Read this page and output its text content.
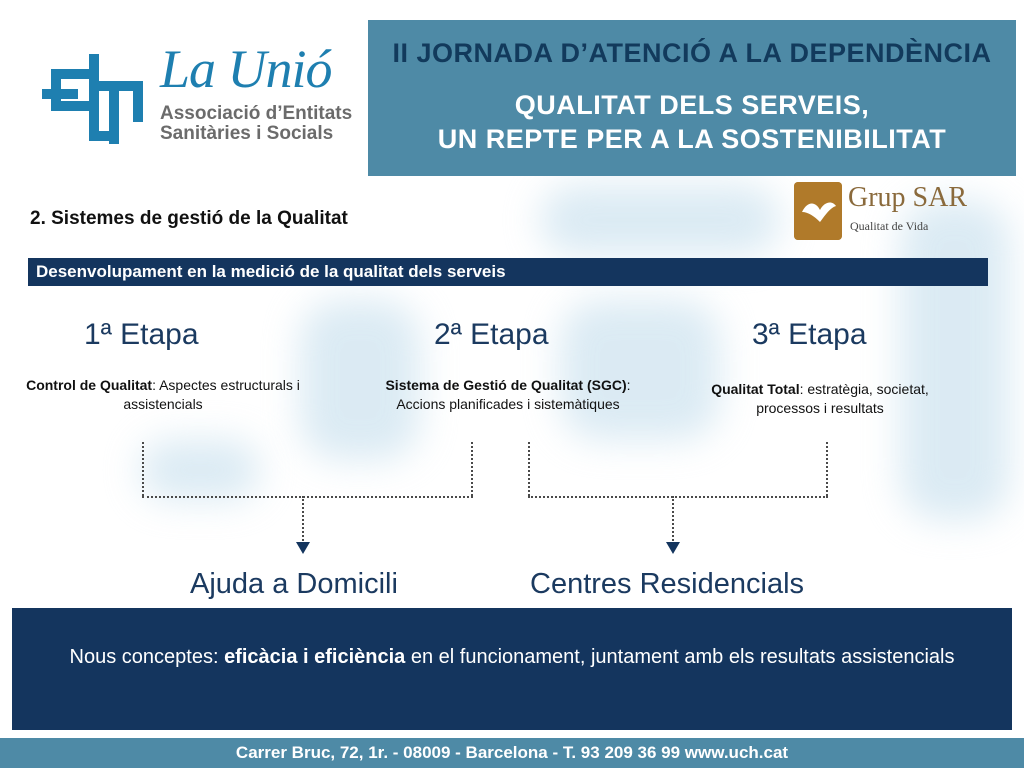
La Unió
Associació d’Entitats
Sanitàries i Socials
II JORNADA D’ATENCIÓ A LA DEPENDÈNCIA
QUALITAT DELS SERVEIS,
UN REPTE PER A LA SOSTENIBILITAT
Grup SAR
Qualitat de Vida
2. Sistemes de gestió de la Qualitat
Desenvolupament en la medició de la qualitat dels serveis
1ª Etapa	2ª Etapa	3ª Etapa
Control de Qualitat: Aspectes estructurals i assistencials
Sistema de Gestió de Qualitat (SGC): Accions planificades i sistemàtiques
Qualitat Total: estratègia, societat, processos i resultats
Ajuda a Domicili	Centres Residencials
Nous conceptes: eficàcia i eficiència en el funcionament, juntament amb els resultats assistencials
Carrer Bruc, 72, 1r. - 08009 - Barcelona - T. 93 209 36 99 www.uch.cat
